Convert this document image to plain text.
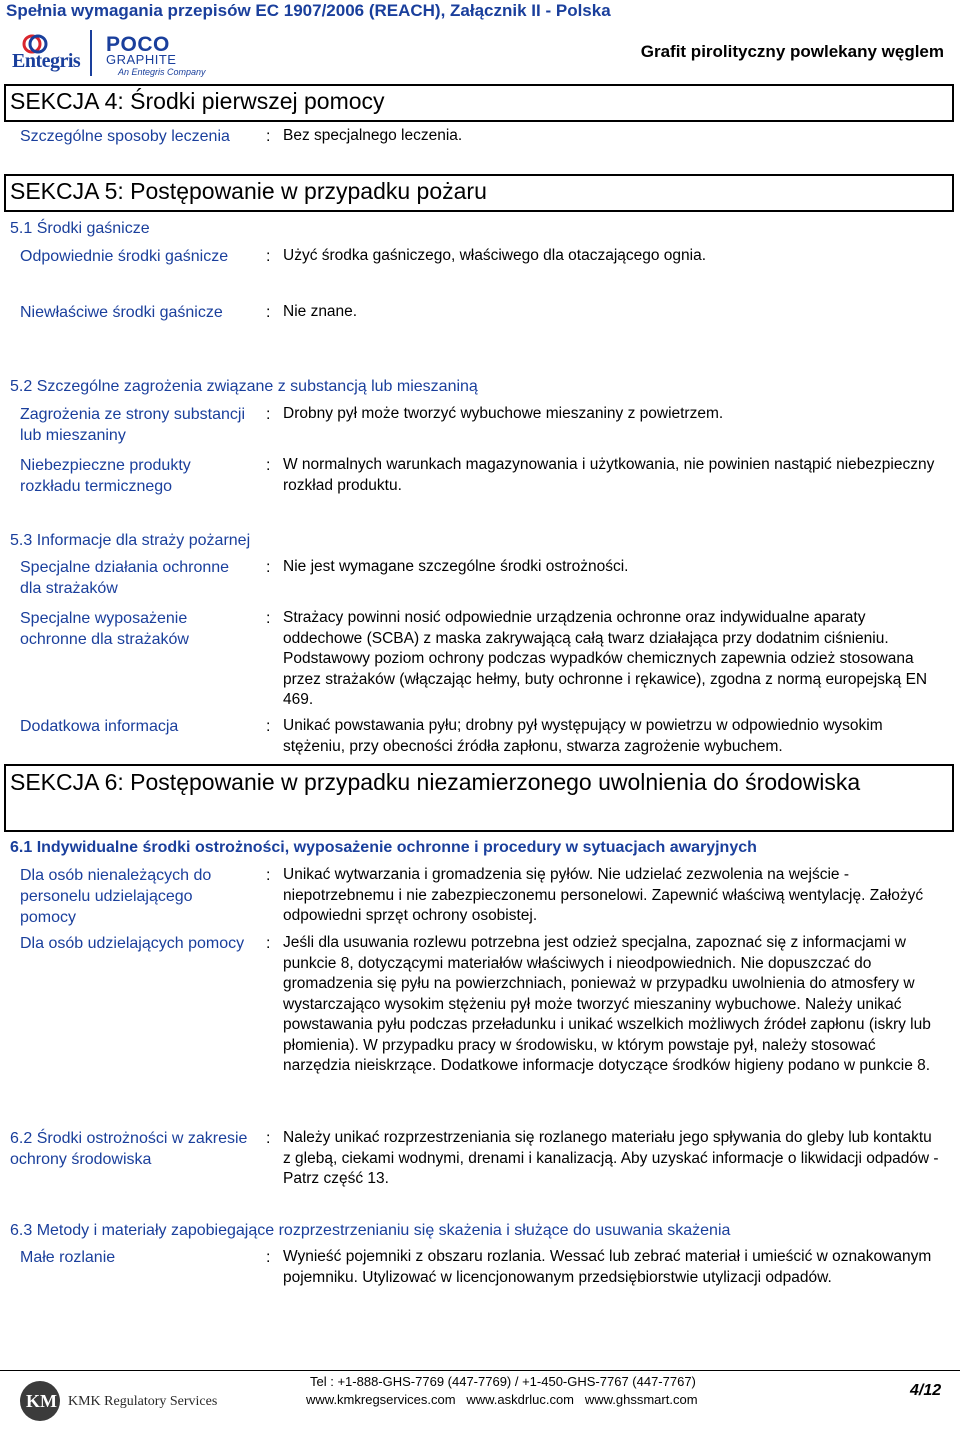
Spełnia wymagania przepisów EC 1907/2006 (REACH), Załącznik II - Polska
Entegris
POCO
GRAPHITE
An Entegris Company
Grafit pirolityczny powlekany węglem
SEKCJA 4: Środki pierwszej pomocy
Szczególne sposoby leczenia	: Bez specjalnego leczenia.
SEKCJA 5: Postępowanie w przypadku pożaru
5.1 Środki gaśnicze
Odpowiednie środki gaśnicze	: Użyć środka gaśniczego, właściwego dla otaczającego ognia.
Niewłaściwe środki gaśnicze	: Nie znane.
5.2 Szczególne zagrożenia związane z substancją lub mieszaniną
Zagrożenia ze strony substancji lub mieszaniny
: Drobny pył może tworzyć wybuchowe mieszaniny z powietrzem.
Niebezpieczne produkty rozkładu termicznego
: W normalnych warunkach magazynowania i użytkowania, nie powinien nastąpić niebezpieczny rozkład produktu.
5.3 Informacje dla straży pożarnej
Specjalne działania ochronne dla strażaków
: Nie jest wymagane szczególne środki ostrożności.
Specjalne wyposażenie ochronne dla strażaków
: Strażacy powinni nosić odpowiednie urządzenia ochronne oraz indywidualne aparaty oddechowe (SCBA) z maska zakrywającą całą twarz działająca przy dodatnim ciśnieniu. Podstawowy poziom ochrony podczas wypadków chemicznych zapewnia odzież stosowana przez strażaków (włączając hełmy, buty ochronne i rękawice), zgodna z normą europejską EN 469.
Dodatkowa informacja	: Unikać powstawania pyłu; drobny pył występujący w powietrzu w odpowiednio wysokim stężeniu, przy obecności źródła zapłonu, stwarza zagrożenie wybuchem.
SEKCJA 6: Postępowanie w przypadku niezamierzonego uwolnienia do środowiska
6.1 Indywidualne środki ostrożności, wyposażenie ochronne i procedury w sytuacjach awaryjnych
Dla osób nienależących do personelu udzielającego pomocy
: Unikać wytwarzania i gromadzenia się pyłów. Nie udzielać zezwolenia na wejście - niepotrzebnemu i nie zabezpieczonemu personelowi. Zapewnić właściwą wentylację. Założyć odpowiedni sprzęt ochrony osobistej.
Dla osób udzielających pomocy : Jeśli dla usuwania rozlewu potrzebna jest odzież specjalna, zapoznać się z informacjami w punkcie 8, dotyczącymi materiałów właściwych i nieodpowiednich. Nie dopuszczać do gromadzenia się pyłu na powierzchniach, ponieważ w przypadku uwolnienia do atmosfery w wystarczająco wysokim stężeniu pył może tworzyć mieszaniny wybuchowe. Należy unikać powstawania pyłu podczas przeładunku i unikać wszelkich możliwych źródeł zapłonu (iskry lub płomienia). W przypadku pracy w środowisku, w którym powstaje pył, należy stosować narzędzia nieiskrzące. Dodatkowe informacje dotyczące środków higieny podano w punkcie 8.
6.2 Środki ostrożności w zakresie ochrony środowiska
: Należy unikać rozprzestrzeniania się rozlanego materiału jego spływania do gleby lub kontaktu z glebą, ciekami wodnymi, drenami i kanalizacją. Aby uzyskać informacje o likwidacji odpadów - Patrz część 13.
6.3 Metody i materiały zapobiegające rozprzestrzenianiu się skażenia i służące do usuwania skażenia
Małe rozlanie	: Wynieść pojemniki z obszaru rozlania. Wessać lub zebrać materiał i umieścić w oznakowanym pojemniku. Utylizować w licencjonowanym przedsiębiorstwie utylizacji odpadów.
KM KMK Regulatory Services
Tel : +1-888-GHS-7769 (447-7769) / +1-450-GHS-7767 (447-7767)
www.kmkregservices.com   www.askdrluc.com   www.ghssmart.com
4/12
